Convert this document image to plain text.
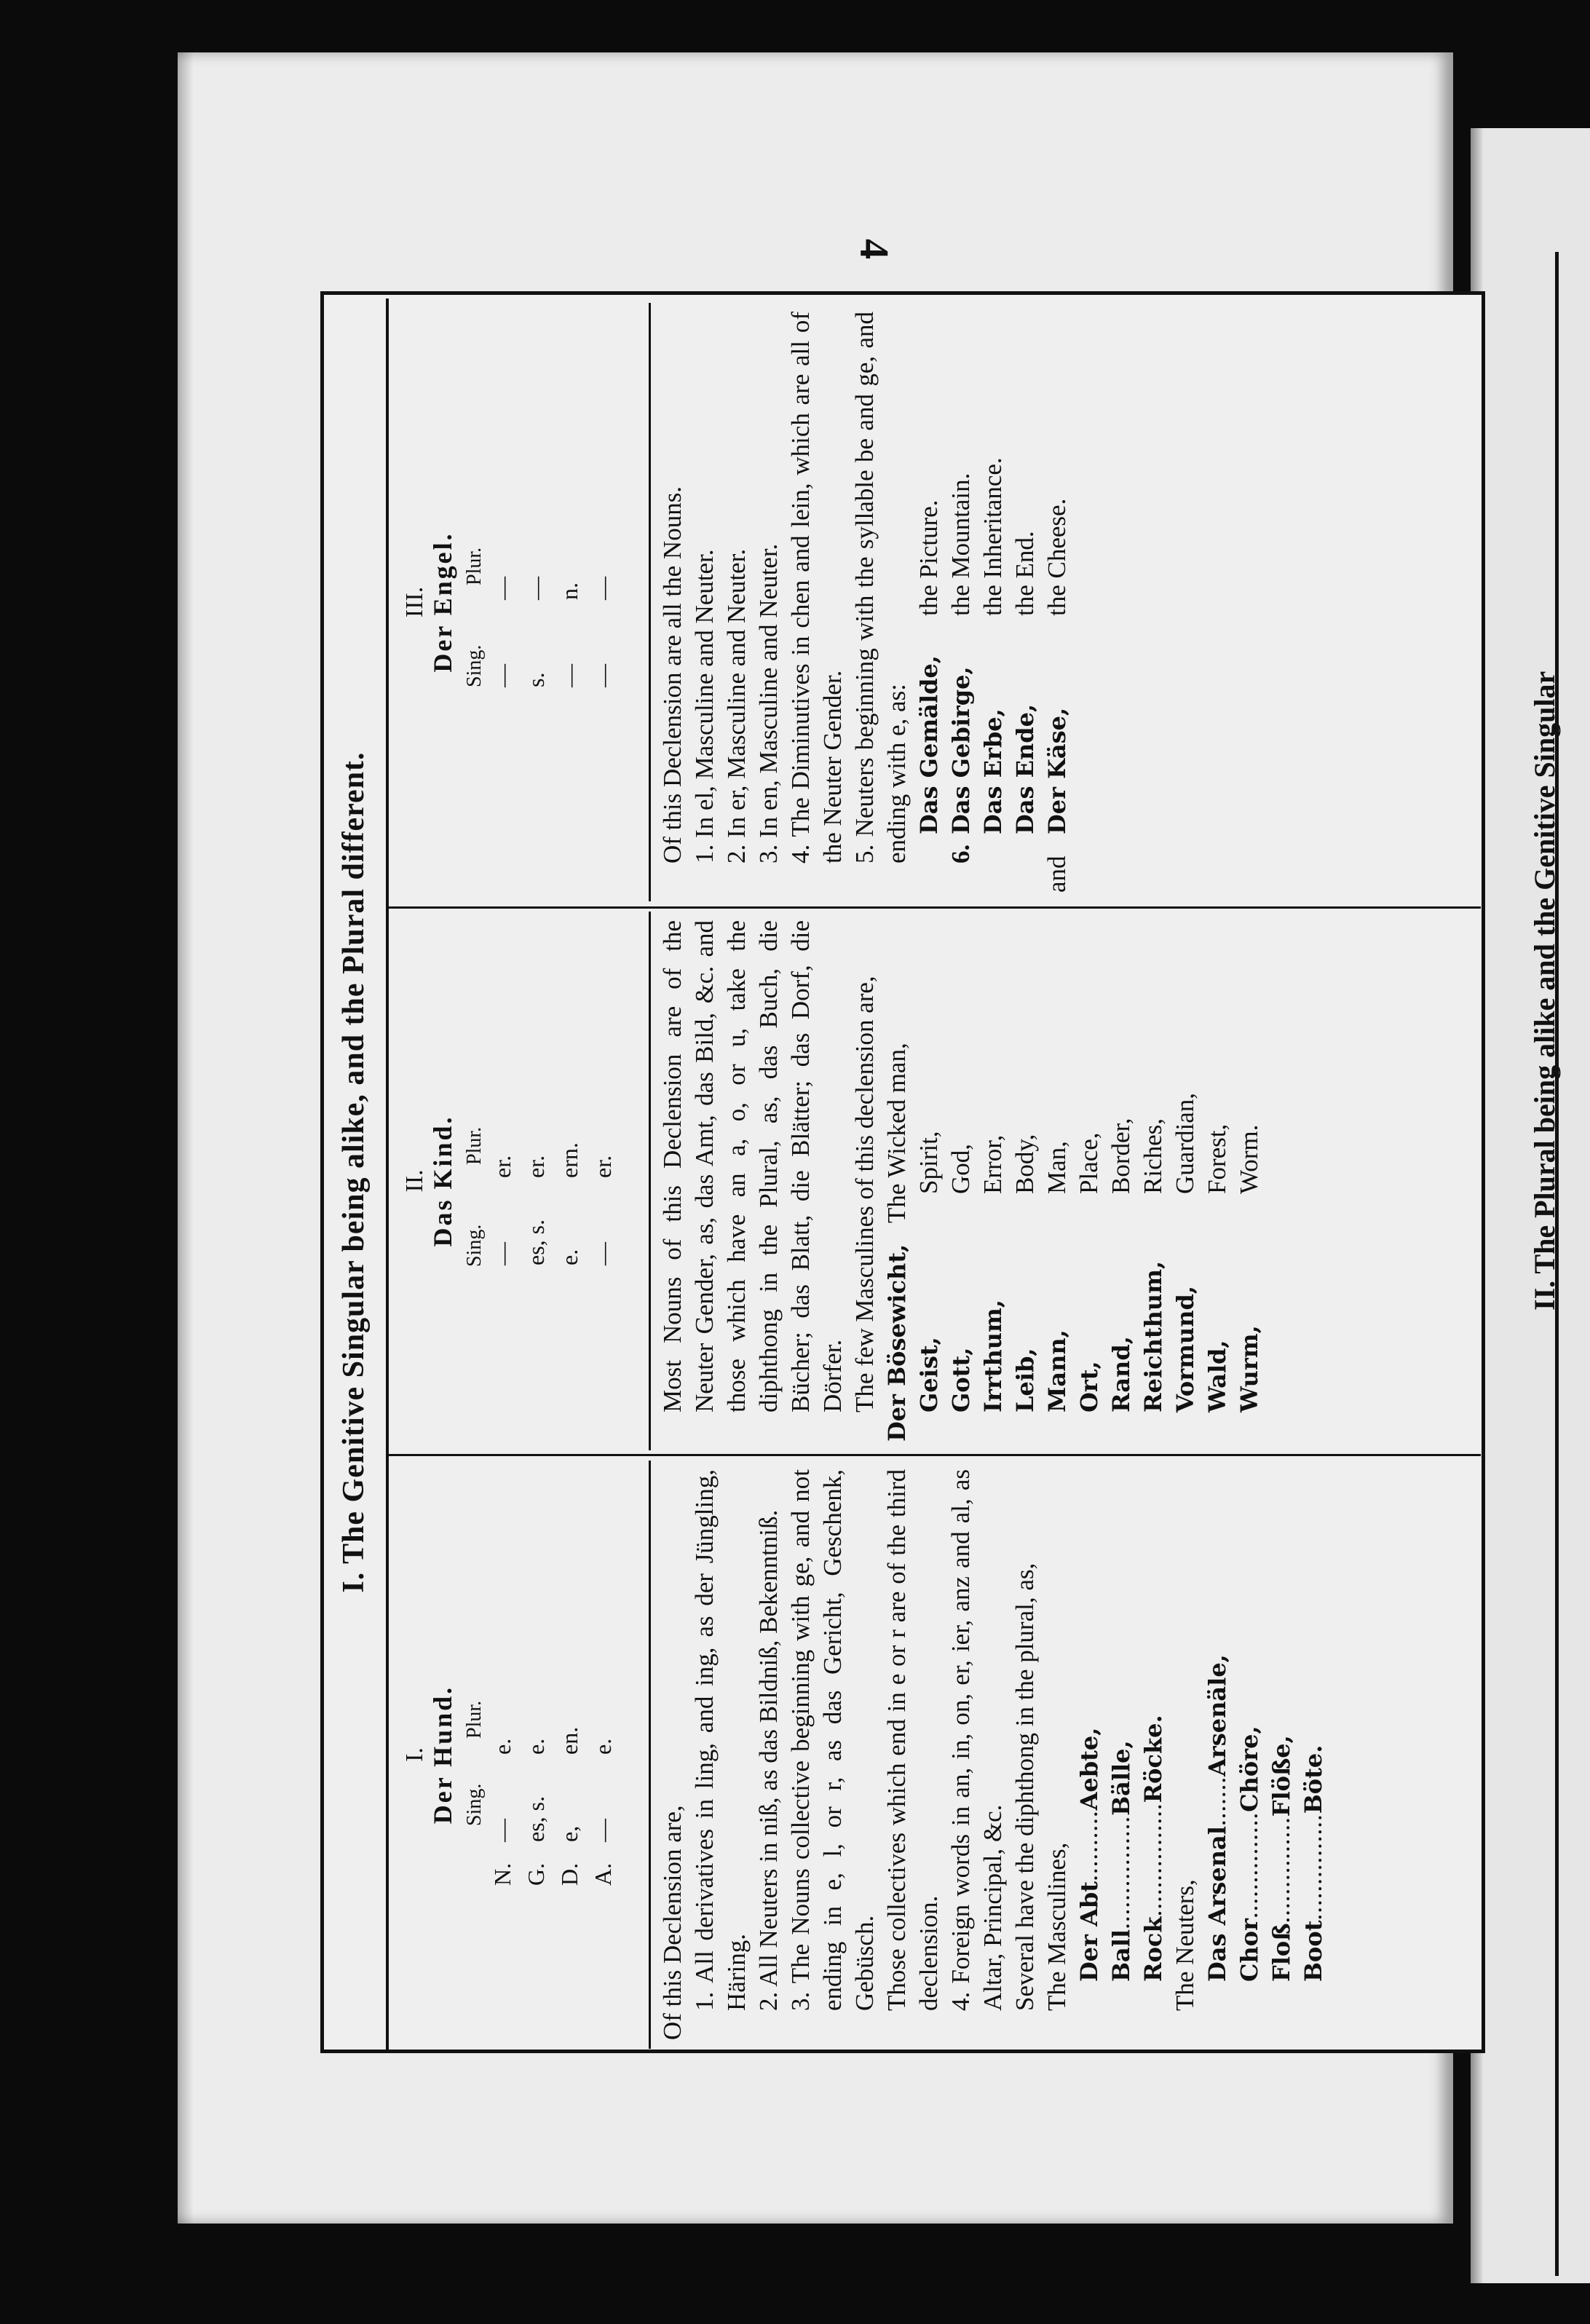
4
I. The Genitive Singular being alike, and the Plural different.
I. Der Hund. Sing.
Plur.
N.—e.
G.es, s.e.
D.e,en.
A.—e.

Of this Declension are, 1. All derivatives in ling, and ing, as der Jüngling, Häring. 2. All Neuters in niß, as das Bildniß, Bekenntniß. 3. The Nouns collective beginning with ge, and not ending in e, l, or r, as das Gericht, Geschenk, Gebüsch. Those collectives which end in e or r are of the third declension. 4. Foreign words in an, in, on, er, ier, anz and al, as Altar, Principal, &c. Several have the diphthong in the plural, as, The Masculines, Der Abt..........Aebte,
Ball................Bälle,
Rock................Röcke.

The Neuters, Das Arsenal.......Arsenäle,
Chor...............Chöre,
Floß...............Flöße,
Boot...............Böte.
II. Das Kind. Sing.
Plur.
—er.
es, s.er.
e.ern.
—er. Most Nouns of this Declension are of the Neuter Gender, as, das Amt, das Bild, &c. and those which have an a, o, or u, take the diphthong in the Plural, as, das Buch, die Bücher; das Blatt, die Blätter; das Dorf, die Dörfer. The few Masculines of this declension are, Der Bösewicht,The Wicked man,
Geist,Spirit,
Gott,God,
Irrthum,Error,
Leib,Body,
Mann,Man,
Ort,Place,
Rand,Border,
Reichthum,Riches,
Vormund,Guardian,
Wald,Forest,
Wurm,Worm.
III. Der Engel. Sing.
Plur.
——
s.—
—n.
—— Of this Declension are all the Nouns. 1. In el, Masculine and Neuter. 2. In er, Masculine and Neuter. 3. In en, Masculine and Neuter. 4. The Diminutives in chen and lein, which are all of the Neuter Gender. 5. Neuters beginning with the syllable be and ge, and ending with e, as: Das Gemälde,the Picture.
6.Das Gebirge,the Mountain.
Das Erbe,the Inheritance.
Das Ende,the End.
andDer Käse,the Cheese.
II. The Plural being alike and the Genitive Singular
